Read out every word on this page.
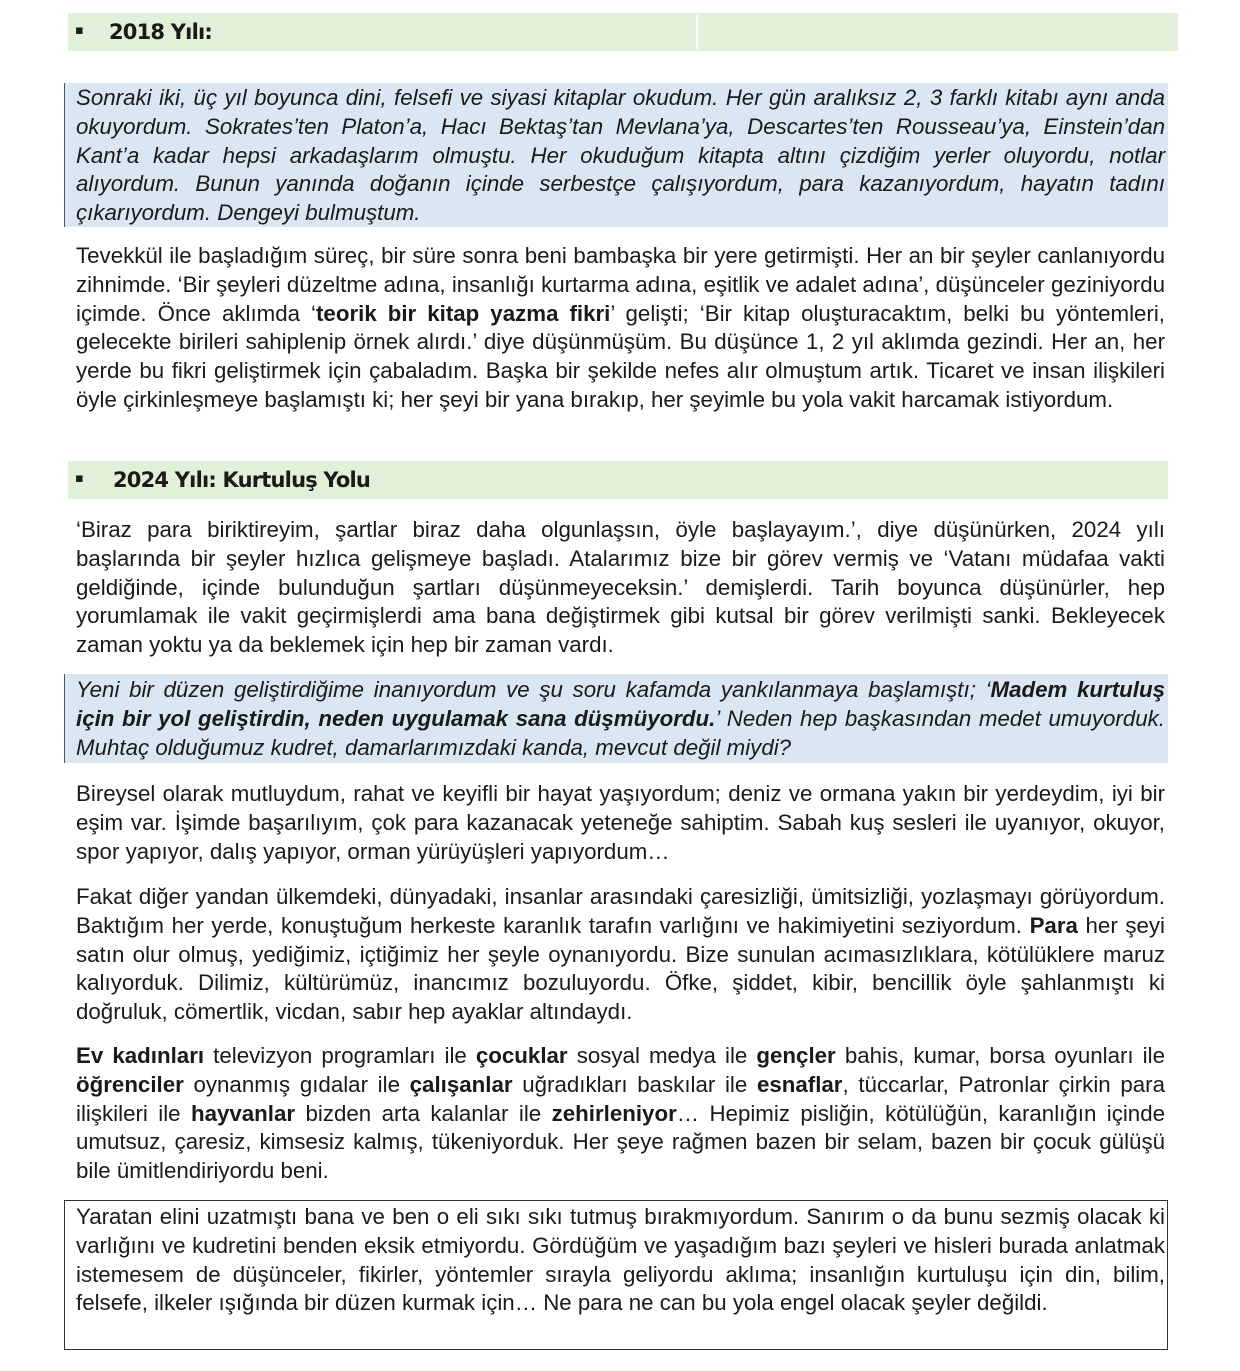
▪ 2018 Yılı:

Sonraki iki, üç yıl boyunca dini, felsefi ve siyasi kitaplar okudum. Her gün aralıksız 2, 3 farklı kitabı aynı anda okuyordum. Sokrates’ten Platon’a, Hacı Bektaş’tan Mevlana’ya, Descartes’ten Rousseau’ya, Einstein’dan Kant’a kadar hepsi arkadaşlarım olmuştu. Her okuduğum kitapta altını çizdiğim yerler oluyordu, notlar alıyordum. Bunun yanında doğanın içinde serbestçe çalışıyordum, para kazanıyordum, hayatın tadını çıkarıyordum. Dengeyi bulmuştum.

Tevekkül ile başladığım süreç, bir süre sonra beni bambaşka bir yere getirmişti. Her an bir şeyler canlanıyordu zihnimde. ‘Bir şeyleri düzeltme adına, insanlığı kurtarma adına, eşitlik ve adalet adına’, düşünceler geziniyordu içimde. Önce aklımda ‘teorik bir kitap yazma fikri’ gelişti; ‘Bir kitap oluşturacaktım, belki bu yöntemleri, gelecekte birileri sahiplenip örnek alırdı.’ diye düşünmüşüm. Bu düşünce 1, 2 yıl aklımda gezindi. Her an, her yerde bu fikri geliştirmek için çabaladım. Başka bir şekilde nefes alır olmuştum artık. Ticaret ve insan ilişkileri öyle çirkinleşmeye başlamıştı ki; her şeyi bir yana bırakıp, her şeyimle bu yola vakit harcamak istiyordum.

▪ 2024 Yılı: Kurtuluş Yolu

‘Biraz para biriktireyim, şartlar biraz daha olgunlaşsın, öyle başlayayım.’, diye düşünürken, 2024 yılı başlarında bir şeyler hızlıca gelişmeye başladı. Atalarımız bize bir görev vermiş ve ‘Vatanı müdafaa vakti geldiğinde, içinde bulunduğun şartları düşünmeyeceksin.’ demişlerdi. Tarih boyunca düşünürler, hep yorumlamak ile vakit geçirmişlerdi ama bana değiştirmek gibi kutsal bir görev verilmişti sanki. Bekleyecek zaman yoktu ya da beklemek için hep bir zaman vardı.

Yeni bir düzen geliştirdiğime inanıyordum ve şu soru kafamda yankılanmaya başlamıştı; ‘Madem kurtuluş için bir yol geliştirdin, neden uygulamak sana düşmüyordu.’ Neden hep başkasından medet umuyorduk. Muhtaç olduğumuz kudret, damarlarımızdaki kanda, mevcut değil miydi?

Bireysel olarak mutluydum, rahat ve keyifli bir hayat yaşıyordum; deniz ve ormana yakın bir yerdeydim, iyi bir eşim var. İşimde başarılıyım, çok para kazanacak yeteneğe sahiptim. Sabah kuş sesleri ile uyanıyor, okuyor, spor yapıyor, dalış yapıyor, orman yürüyüşleri yapıyordum…

Fakat diğer yandan ülkemdeki, dünyadaki, insanlar arasındaki çaresizliği, ümitsizliği, yozlaşmayı görüyordum. Baktığım her yerde, konuştuğum herkeste karanlık tarafın varlığını ve hakimiyetini seziyordum. Para her şeyi satın olur olmuş, yediğimiz, içtiğimiz her şeyle oynanıyordu. Bize sunulan acımasızlıklara, kötülüklere maruz kalıyorduk. Dilimiz, kültürümüz, inancımız bozuluyordu. Öfke, şiddet, kibir, bencillik öyle şahlanmıştı ki doğruluk, cömertlik, vicdan, sabır hep ayaklar altındaydı.

Ev kadınları televizyon programları ile çocuklar sosyal medya ile gençler bahis, kumar, borsa oyunları ile öğrenciler oynanmış gıdalar ile çalışanlar uğradıkları baskılar ile esnaflar, tüccarlar, Patronlar çirkin para ilişkileri ile hayvanlar bizden arta kalanlar ile zehirleniyor… Hepimiz pisliğin, kötülüğün, karanlığın içinde umutsuz, çaresiz, kimsesiz kalmış, tükeniyorduk. Her şeye rağmen bazen bir selam, bazen bir çocuk gülüşü bile ümitlendiriyordu beni.

Yaratan elini uzatmıştı bana ve ben o eli sıkı sıkı tutmuş bırakmıyordum. Sanırım o da bunu sezmiş olacak ki varlığını ve kudretini benden eksik etmiyordu. Gördüğüm ve yaşadığım bazı şeyleri ve hisleri burada anlatmak istemesem de düşünceler, fikirler, yöntemler sırayla geliyordu aklıma; insanlığın kurtuluşu için din, bilim, felsefe, ilkeler ışığında bir düzen kurmak için… Ne para ne can bu yola engel olacak şeyler değildi.
